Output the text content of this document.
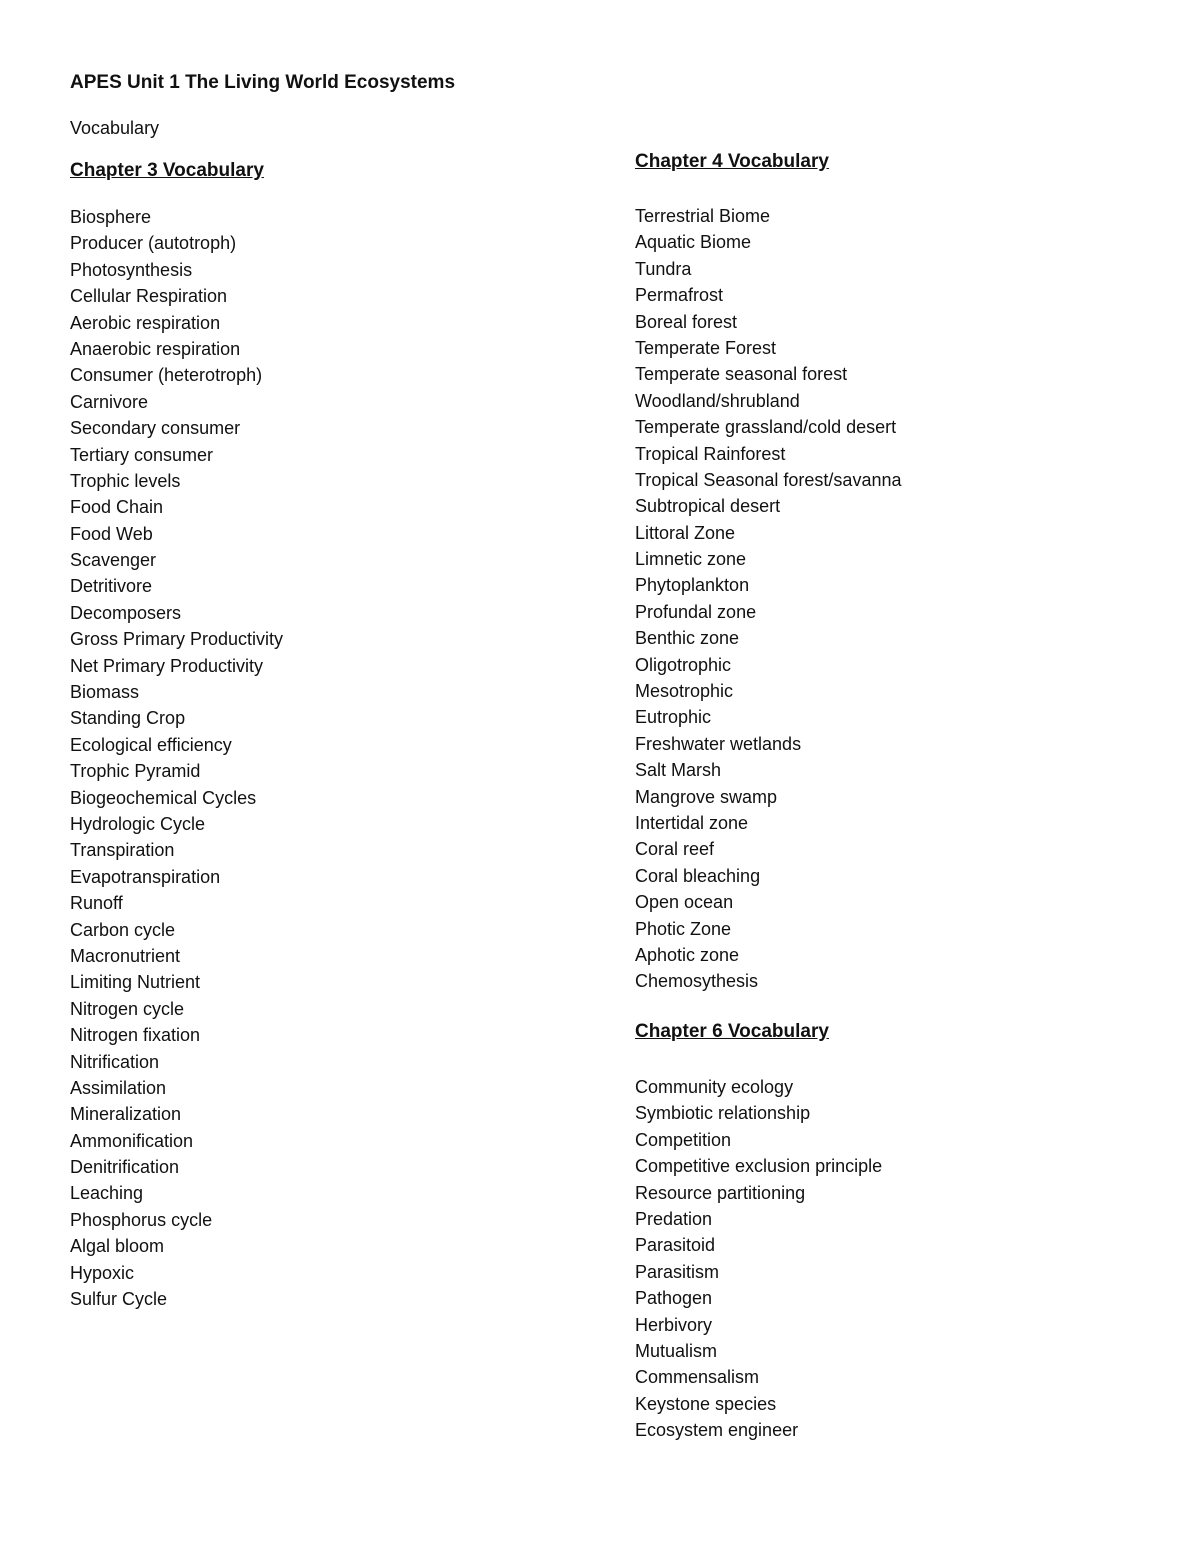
APES Unit 1 The Living World Ecosystems
Vocabulary
Chapter 3 Vocabulary
Biosphere
Producer (autotroph)
Photosynthesis
Cellular Respiration
Aerobic respiration
Anaerobic respiration
Consumer (heterotroph)
Carnivore
Secondary consumer
Tertiary consumer
Trophic levels
Food Chain
Food Web
Scavenger
Detritivore
Decomposers
Gross Primary Productivity
Net Primary Productivity
Biomass
Standing Crop
Ecological efficiency
Trophic Pyramid
Biogeochemical Cycles
Hydrologic Cycle
Transpiration
Evapotranspiration
Runoff
Carbon cycle
Macronutrient
Limiting Nutrient
Nitrogen cycle
Nitrogen fixation
Nitrification
Assimilation
Mineralization
Ammonification
Denitrification
Leaching
Phosphorus cycle
Algal bloom
Hypoxic
Sulfur Cycle
Chapter 4 Vocabulary
Terrestrial Biome
Aquatic Biome
Tundra
Permafrost
Boreal forest
Temperate Forest
Temperate seasonal forest
Woodland/shrubland
Temperate grassland/cold desert
Tropical Rainforest
Tropical Seasonal forest/savanna
Subtropical desert
Littoral Zone
Limnetic zone
Phytoplankton
Profundal zone
Benthic zone
Oligotrophic
Mesotrophic
Eutrophic
Freshwater wetlands
Salt Marsh
Mangrove swamp
Intertidal zone
Coral reef
Coral bleaching
Open ocean
Photic Zone
Aphotic zone
Chemosythesis
Chapter 6 Vocabulary
Community ecology
Symbiotic relationship
Competition
Competitive exclusion principle
Resource partitioning
Predation
Parasitoid
Parasitism
Pathogen
Herbivory
Mutualism
Commensalism
Keystone species
Ecosystem engineer
